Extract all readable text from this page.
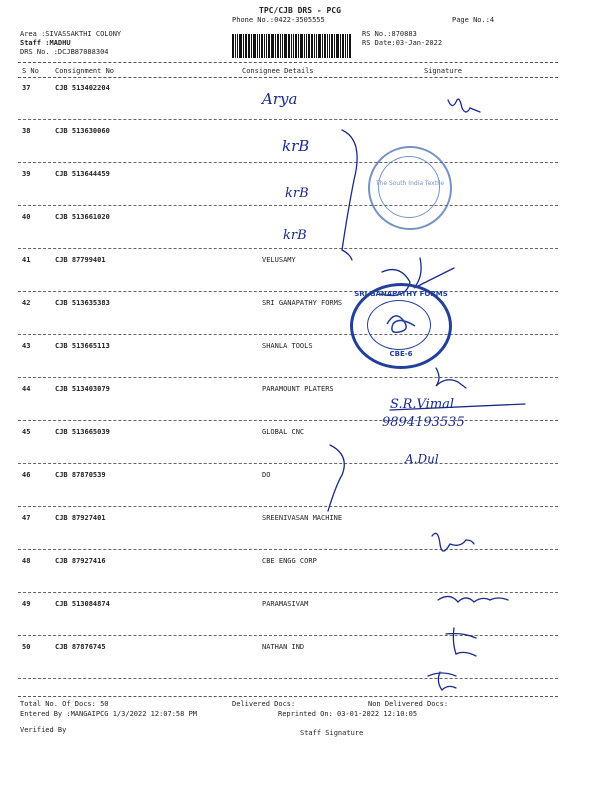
TPC/CJB DRS - PCG
Phone No.:0422-3505555	Page No.:4
Area :SIVASSAKTHI COLONY
Staff :MADHU
DRS No. :DCJB87088304
RS No.:870883
RS Date:03-Jan-2022
S No Consignment No	Consignee Details	Signature
37	CJB 513402204
38	CJB 513630060
39	CJB 513644459
40	CJB 513661020
41	CJB 87799401	VELUSAMY
42	CJB 513635383	SRI GANAPATHY FORMS
43	CJB 513665113	SHANLA TOOLS
44	CJB 513403079	PARAMOUNT PLATERS
45	CJB 513665039	GLOBAL CNC
46	CJB 87870539	DO
47	CJB 87927401	SREENIVASAN MACHINE
48	CJB 87927416	CBE ENGG CORP
49	CJB 513084874	PARAMASIVAM
50	CJB 87876745	NATHAN IND
Arya
krB
krB
krB
S.R.Vimal
9894193535
A.Dul
The South India Textile
SRI GANAPATHY FORMS
CBE-6
Total No. Of Docs: 50	Delivered Docs:	Non Delivered Docs:
Entered By :MANGAIPCG 1/3/2022 12:07:58 PM	Reprinted On: 03-01-2022 12:10:05
Verified By	Staff Signature
